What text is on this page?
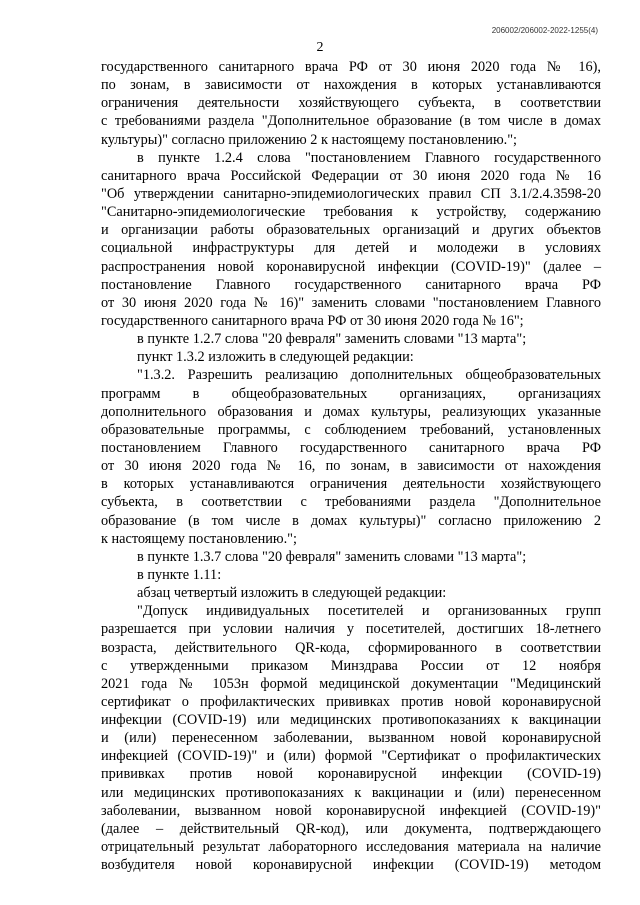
206002/206002-2022-1255(4)
2
государственного санитарного врача РФ от 30 июня 2020 года № 16),
по зонам, в зависимости от нахождения в которых устанавливаются
ограничения деятельности хозяйствующего субъекта, в соответствии
с требованиями раздела "Дополнительное образование (в том числе в домах
культуры)" согласно приложению 2 к настоящему постановлению.";
в пункте 1.2.4 слова "постановлением Главного государственного
санитарного врача Российской Федерации от 30 июня 2020 года № 16
"Об утверждении санитарно-эпидемиологических правил СП 3.1/2.4.3598-20
"Санитарно-эпидемиологические требования к устройству, содержанию
и организации работы образовательных организаций и других объектов
социальной инфраструктуры для детей и молодежи в условиях
распространения новой коронавирусной инфекции (COVID-19)" (далее –
постановление Главного государственного санитарного врача РФ
от 30 июня 2020 года № 16)" заменить словами "постановлением Главного
государственного санитарного врача РФ от 30 июня 2020 года № 16";
в пункте 1.2.7 слова "20 февраля" заменить словами "13 марта";
пункт 1.3.2 изложить в следующей редакции:
"1.3.2. Разрешить реализацию дополнительных общеобразовательных
программ в общеобразовательных организациях, организациях
дополнительного образования и домах культуры, реализующих указанные
образовательные программы, с соблюдением требований, установленных
постановлением Главного государственного санитарного врача РФ
от 30 июня 2020 года № 16, по зонам, в зависимости от нахождения
в которых устанавливаются ограничения деятельности хозяйствующего
субъекта, в соответствии с требованиями раздела "Дополнительное
образование (в том числе в домах культуры)" согласно приложению 2
к настоящему постановлению.";
в пункте 1.3.7 слова "20 февраля" заменить словами "13 марта";
в пункте 1.11:
абзац четвертый изложить в следующей редакции:
"Допуск индивидуальных посетителей и организованных групп
разрешается при условии наличия у посетителей, достигших 18-летнего
возраста, действительного QR-кода, сформированного в соответствии
с утвержденными приказом Минздрава России от 12 ноября
2021 года № 1053н формой медицинской документации "Медицинский
сертификат о профилактических прививках против новой коронавирусной
инфекции (COVID-19) или медицинских противопоказаниях к вакцинации
и (или) перенесенном заболевании, вызванном новой коронавирусной
инфекцией (COVID-19)" и (или) формой "Сертификат о профилактических
прививках против новой коронавирусной инфекции (COVID-19)
или медицинских противопоказаниях к вакцинации и (или) перенесенном
заболевании, вызванном новой коронавирусной инфекцией (COVID-19)"
(далее – действительный QR-код), или документа, подтверждающего
отрицательный результат лабораторного исследования материала на наличие
возбудителя новой коронавирусной инфекции (COVID-19) методом
